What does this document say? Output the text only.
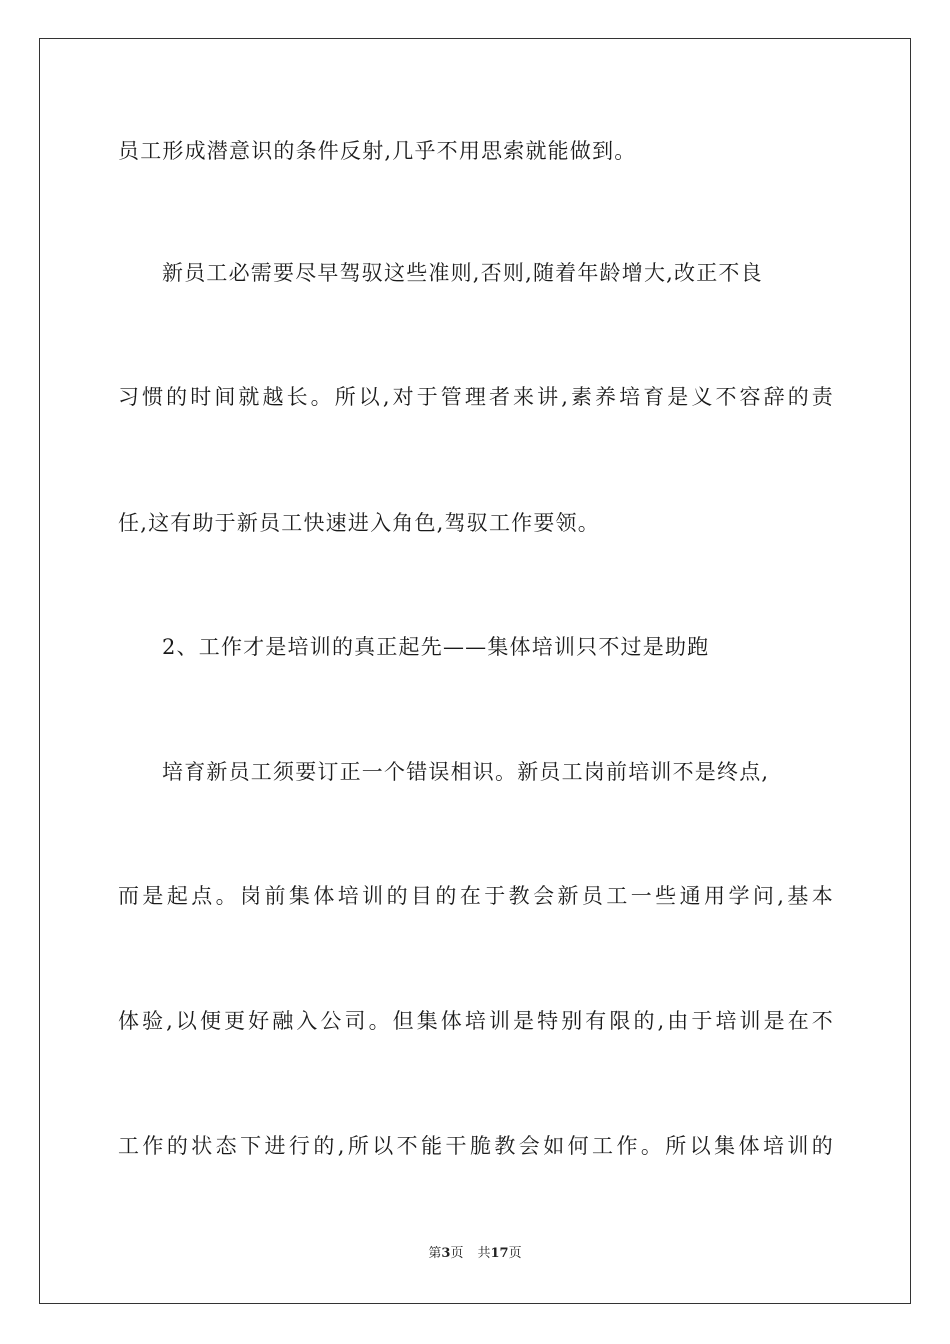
员工形成潜意识的条件反射,几乎不用思索就能做到。
新员工必需要尽早驾驭这些准则,否则,随着年龄增大,改正不良
习惯的时间就越长。所以,对于管理者来讲,素养培育是义不容辞的责
任,这有助于新员工快速进入角色,驾驭工作要领。
2、工作才是培训的真正起先——集体培训只不过是助跑
培育新员工须要订正一个错误相识。新员工岗前培训不是终点,
而是起点。岗前集体培训的目的在于教会新员工一些通用学问,基本
体验,以便更好融入公司。但集体培训是特别有限的,由于培训是在不
工作的状态下进行的,所以不能干脆教会如何工作。所以集体培训的
第3页 共17页
